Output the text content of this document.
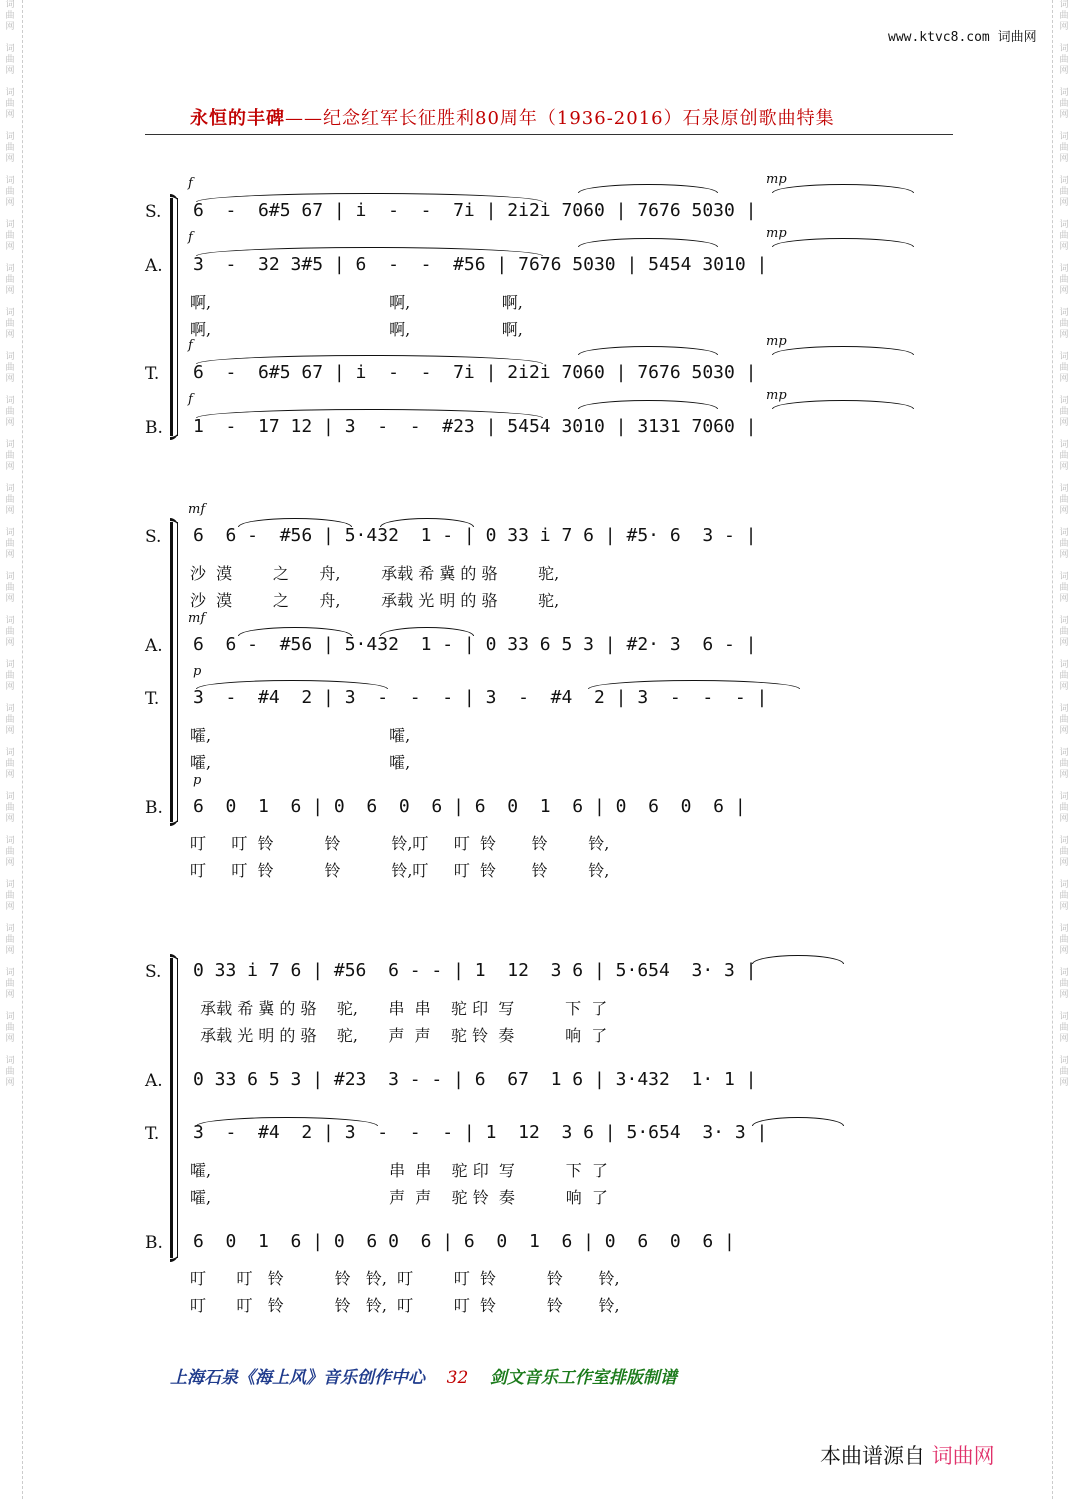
词曲网

词曲网

词曲网

词曲网

词曲网

词曲网

词曲网

词曲网

词曲网

词曲网

词曲网

词曲网

词曲网

词曲网

词曲网

词曲网

词曲网

词曲网

词曲网

词曲网

词曲网

词曲网

词曲网

词曲网

词曲网
词曲网

词曲网

词曲网

词曲网

词曲网

词曲网

词曲网

词曲网

词曲网

词曲网

词曲网

词曲网

词曲网

词曲网

词曲网

词曲网

词曲网

词曲网

词曲网

词曲网

词曲网

词曲网

词曲网

词曲网

词曲网
www.ktvc8.com 词曲网
永恒的丰碑——纪念红军长征胜利80周年（1936-2016）石泉原创歌曲特集
f	mp
S. 6  -  6#5 67 | i  -  -  7i | 2i2i 7060 | 7676 5030 |
f	mp
A. 3  -  32 3#5 | 6  -  -  #56 | 7676 5030 | 5454 3010 |
啊,                                   啊,                  啊,
啊,                                   啊,                  啊,
f	mp
T. 6  -  6#5 67 | i  -  -  7i | 2i2i 7060 | 7676 5030 |
f	mp
B. 1  -  17 12 | 3  -  -  #23 | 5454 3010 | 3131 7060 |
mf
S. 6  6 -  #56 | 5·432  1 - | 0 33 i 7 6 | #5· 6  3 - |
沙  漠        之      舟,        承载 希 冀 的 骆        驼,
沙  漠        之      舟,        承载 光 明 的 骆        驼,
mf
A. 6  6 -  #56 | 5·432  1 - | 0 33 6 5 3 | #2· 3  6 - |
p
T. 3  -  #4  2 | 3  -  -  - | 3  -  #4  2 | 3  -  -  - |
嚯,                                   嚯,
嚯,                                   嚯,
p
B. 6  0  1  6 | 0  6  0  6 | 6  0  1  6 | 0  6  0  6 |
叮     叮  铃          铃          铃,叮     叮  铃       铃        铃,
叮     叮  铃          铃          铃,叮     叮  铃       铃        铃,
S. 0 33 i 7 6 | #56  6 - - | 1  12  3 6 | 5·654  3· 3 |
承载 希 冀 的 骆    驼,      串  串    驼 印  写          下  了
承载 光 明 的 骆    驼,      声  声    驼 铃  奏          响  了
A. 0 33 6 5 3 | #23  3 - - | 6  67  1 6 | 3·432  1· 1 |
T. 3  -  #4  2 | 3  -  -  - | 1  12  3 6 | 5·654  3· 3 |
嚯,                                   串  串    驼 印  写          下  了
嚯,                                   声  声    驼 铃  奏          响  了
B. 6  0  1  6 | 0  6 0  6 | 6  0  1  6 | 0  6  0  6 |
叮      叮   铃          铃   铃,  叮        叮  铃          铃       铃,
叮      叮   铃          铃   铃,  叮        叮  铃          铃       铃,
上海石泉《海上风》音乐创作中心 32 剑文音乐工作室排版制谱
本曲谱源自 词曲网
